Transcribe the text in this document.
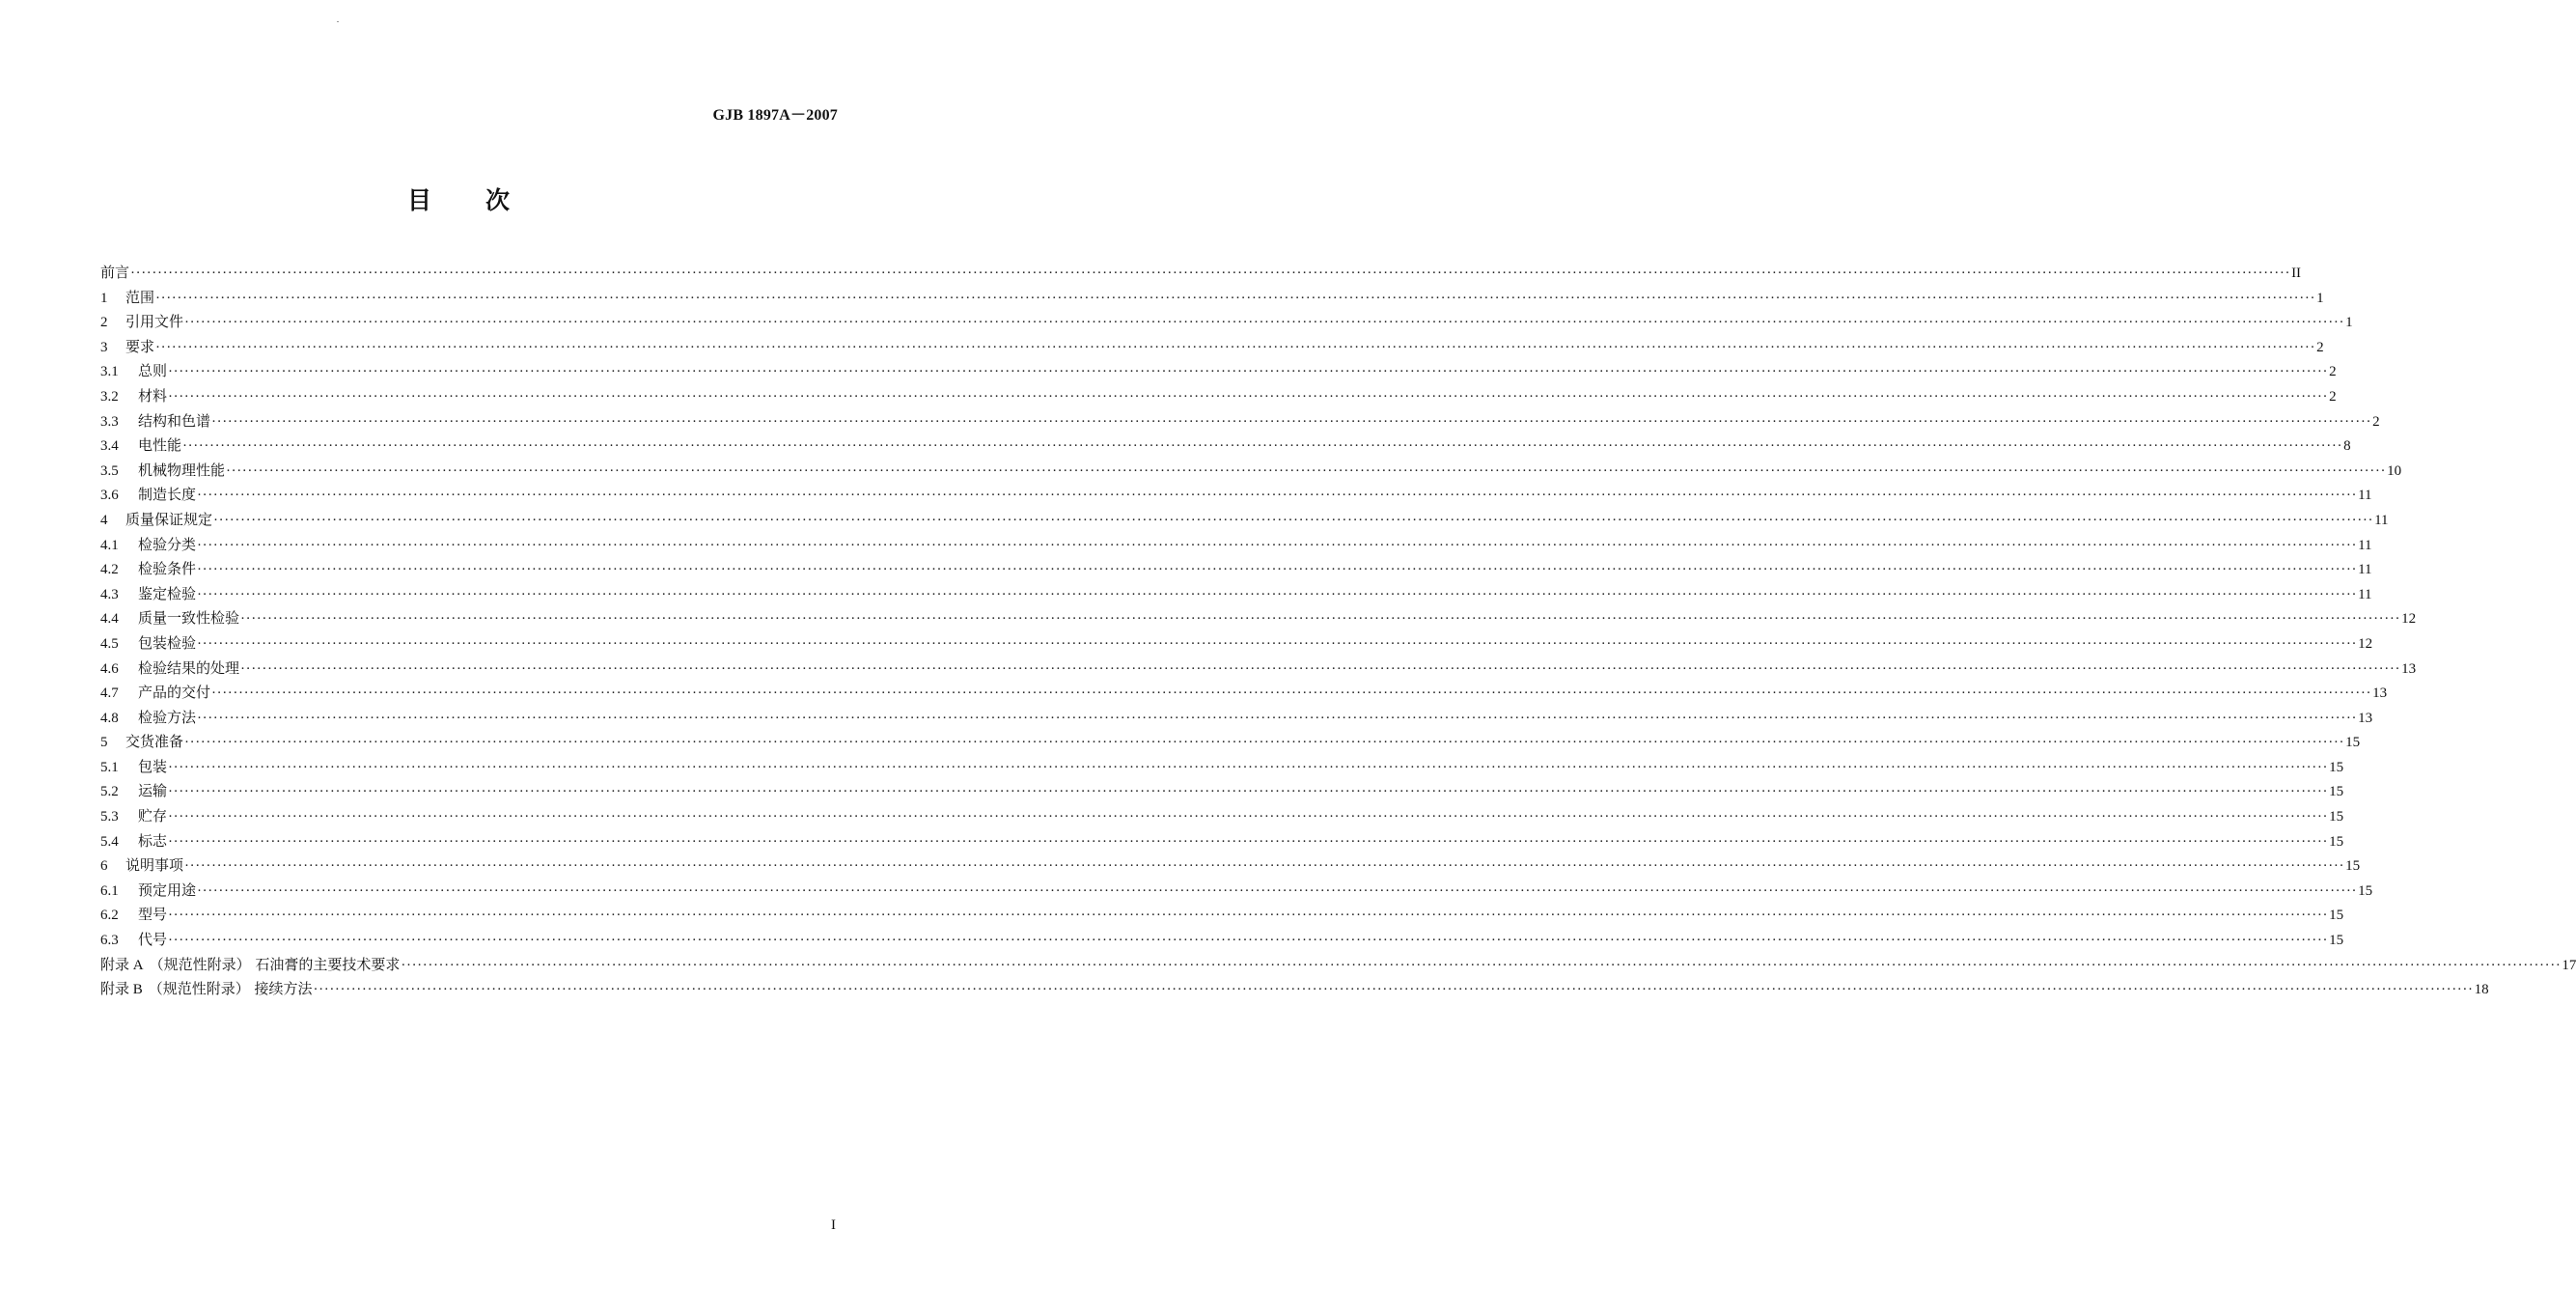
GJB 1897A－2007
目 次
前言 ················································································································································································································································································································································································································ II
1	范围 ················································································································································································································································································································································································································ 1
2	引用文件 ················································································································································································································································································································································································································ 1
3	要求 ················································································································································································································································································································································································································ 2
3.1	总则 ················································································································································································································································································································································································································ 2
3.2	材料 ················································································································································································································································································································································································································ 2
3.3	结构和色谱 ················································································································································································································································································································································································································ 2
3.4	电性能 ················································································································································································································································································································································································································ 8
3.5	机械物理性能 ················································································································································································································································································································································································································ 10
3.6	制造长度 ················································································································································································································································································································································································································ 11
4	质量保证规定 ················································································································································································································································································································································································································ 11
4.1	检验分类 ················································································································································································································································································································································································································ 11
4.2	检验条件 ················································································································································································································································································································································································································ 11
4.3	鉴定检验 ················································································································································································································································································································································································································ 11
4.4	质量一致性检验 ················································································································································································································································································································································································································ 12
4.5	包装检验 ················································································································································································································································································································································································································ 12
4.6	检验结果的处理 ················································································································································································································································································································································································································ 13
4.7	产品的交付 ················································································································································································································································································································································································································ 13
4.8	检验方法 ················································································································································································································································································································································································································ 13
5	交货准备 ················································································································································································································································································································································································································ 15
5.1	包装 ················································································································································································································································································································································································································ 15
5.2	运输 ················································································································································································································································································································································································································ 15
5.3	贮存 ················································································································································································································································································································································································································ 15
5.4	标志 ················································································································································································································································································································································································································ 15
6	说明事项 ················································································································································································································································································································································································································ 15
6.1	预定用途 ················································································································································································································································································································································································································ 15
6.2	型号 ················································································································································································································································································································································································································ 15
6.3	代号 ················································································································································································································································································································································································································ 15
附录 A （规范性附录） 石油膏的主要技术要求 ················································································································································································································································································································································································································ 17
附录 B （规范性附录） 接续方法 ················································································································································································································································································································································································································ 18
I
